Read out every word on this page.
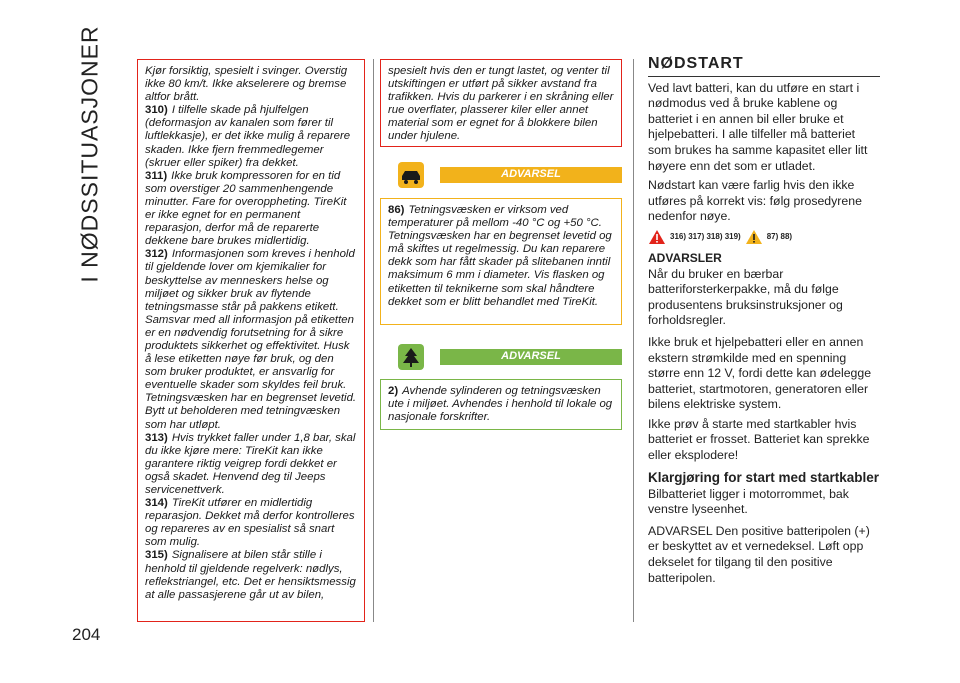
I NØDSSITUASJONER
204

Kjør forsiktig, spesielt i svinger. Overstig ikke 80 km/t. Ikke akselerere og bremse altfor brått.

310) I tilfelle skade på hjulfelgen (deformasjon av kanalen som fører til luftlekkasje), er det ikke mulig å reparere skaden. Ikke fjern fremmedlegemer (skruer eller spiker) fra dekket.

311) Ikke bruk kompressoren for en tid som overstiger 20 sammenhengende minutter. Fare for overoppheting. TireKit er ikke egnet for en permanent reparasjon, derfor må de reparerte dekkene bare brukes midlertidig.

312) Informasjonen som kreves i henhold til gjeldende lover om kjemikalier for beskyttelse av menneskers helse og miljøet og sikker bruk av flytende tetningsmasse står på pakkens etikett. Samsvar med all informasjon på etiketten er en nødvendig forutsetning for å sikre produktets sikkerhet og effektivitet. Husk å lese etiketten nøye før bruk, og den som bruker produktet, er ansvarlig for eventuelle skader som skyldes feil bruk. Tetningsvæsken har en begrenset levetid. Bytt ut beholderen med tetningvæsken som har utløpt.

313) Hvis trykket faller under 1,8 bar, skal du ikke kjøre mere: TireKit kan ikke garantere riktig veigrep fordi dekket er også skadet. Henvend deg til Jeeps servicenettverk.

314) TireKit utfører en midlertidig reparasjon. Dekket må derfor kontrolleres og repareres av en spesialist så snart som mulig.

315) Signalisere at bilen står stille i henhold til gjeldende regelverk: nødlys, reflekstriangel, etc. Det er hensiktsmessig at alle passasjerene går ut av bilen,

spesielt hvis den er tungt lastet, og venter til utskiftingen er utført på sikker avstand fra trafikken. Hvis du parkerer i en skråning eller rue overflater, plasserer kiler eller annet material som er egnet for å blokkere bilen under hjulene.

ADVARSEL

86) Tetningsvæsken er virksom ved temperaturer på mellom -40 °C og +50 °C. Tetningsvæsken har en begrenset levetid og må skiftes ut regelmessig. Du kan reparere dekk som har fått skader på slitebanen inntil maksimum 6 mm i diameter. Vis flasken og etiketten til teknikerne som skal håndtere dekket som er blitt behandlet med TireKit.

ADVARSEL

2) Avhende sylinderen og tetningsvæsken ute i miljøet. Avhendes i henhold til lokale og nasjonale forskrifter.

NØDSTART

Ved lavt batteri, kan du utføre en start i nødmodus ved å bruke kablene og batteriet i en annen bil eller bruke et hjelpebatteri. I alle tilfeller må batteriet som brukes ha samme kapasitet eller litt høyere enn det som er utladet.

Nødstart kan være farlig hvis den ikke utføres på korrekt vis: følg prosedyrene nedenfor nøye.

316) 317) 318) 319)	87) 88)
ADVARSLER

Når du bruker en bærbar batteriforsterkerpakke, må du følge produsentens bruksinstruksjoner og forholdsregler.

Ikke bruk et hjelpebatteri eller en annen ekstern strømkilde med en spenning større enn 12 V, fordi dette kan ødelegge batteriet, startmotoren, generatoren eller bilens elektriske system.

Ikke prøv å starte med startkabler hvis batteriet er frosset. Batteriet kan sprekke eller eksplodere!

Klargjøring for start med startkabler

Bilbatteriet ligger i motorrommet, bak venstre lyseenhet.

ADVARSEL Den positive batteripolen (+) er beskyttet av et vernedeksel. Løft opp dekselet for tilgang til den positive batteripolen.
